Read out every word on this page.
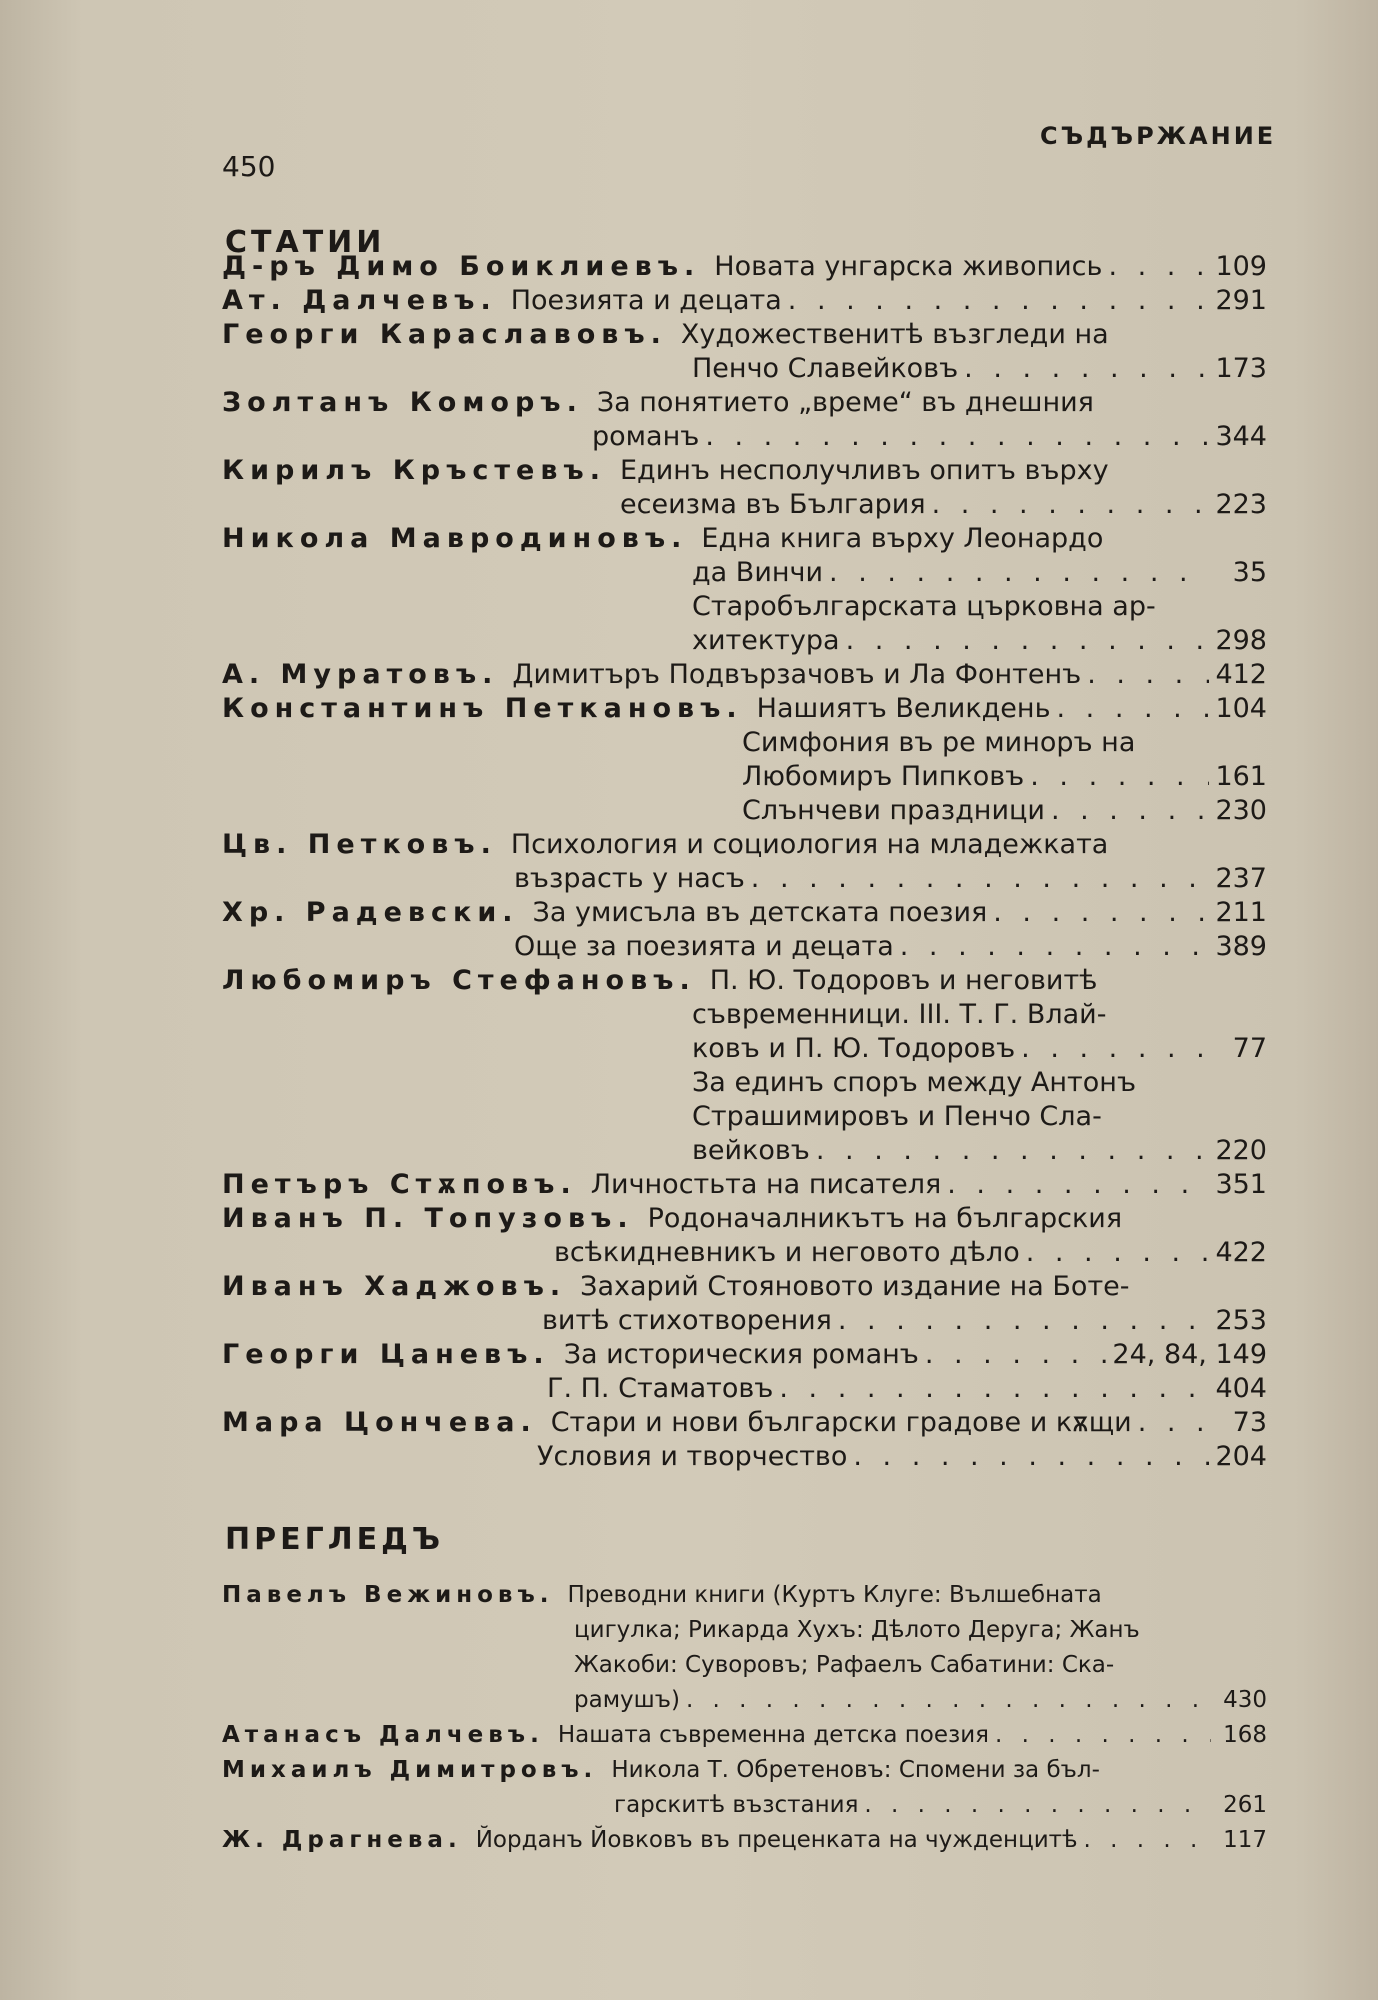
СЪДЪРЖАНИЕ
450
СТАТИИ
Д-ръ Димо Боиклиевъ. Новата унгарска живопись . . .	109
Ат. Далчевъ. Поезията и децата . . .	291
Георги Караславовъ. Художественитѣ възгледи на
Пенчо Славейковъ . . .	173
Золтанъ Коморъ. За понятието „време“ въ днешния
романъ . . .	344
Кирилъ Кръстевъ. Единъ несполучливъ опитъ върху
есеизма въ България . . .	223
Никола Мавродиновъ. Една книга върху Леонардо
да Винчи . . .	35
Старобългарската църковна ар-
хитектура . . .	298
А. Муратовъ. Димитъръ Подвързачовъ и Ла Фонтенъ . . .	412
Константинъ Петкановъ. Нашиятъ Великдень . . .	104
Симфония въ ре миноръ на
Любомиръ Пипковъ . . .	161
Слънчеви праздници . . .	230
Цв. Петковъ. Психология и социология на младежката
възрасть у насъ . . .	237
Хр. Радевски. За умисъла въ детската поезия . . .	211
Още за поезията и децата . . .	389
Любомиръ Стефановъ. П. Ю. Тодоровъ и неговитѣ
съвременници. III. Т. Г. Влай-
ковъ и П. Ю. Тодоровъ . . .	77
За единъ споръ между Антонъ
Страшимировъ и Пенчо Сла-
вейковъ . . .	220
Петъръ Стѫповъ. Личностьта на писателя . . .	351
Иванъ П. Топузовъ. Родоначалникътъ на българския
всѣкидневникъ и неговото дѣло . . .	422
Иванъ Хаджовъ. Захарий Стояновото издание на Боте-
витѣ стихотворения . . .	253
Георги Цаневъ. За историческия романъ . . .	24, 84, 149
Г. П. Стаматовъ . . .	404
Мара Цончева. Стари и нови български градове и кѫщи . . .	73
Условия и творчество . . .	204
ПРЕГЛЕДЪ
Павелъ Вежиновъ. Преводни книги (Куртъ Клуге: Вълшебната
цигулка; Рикарда Хухъ: Дѣлото Деруга; Жанъ
Жакоби: Суворовъ; Рафаелъ Сабатини: Ска-
рамушъ) . . .	430
Атанасъ Далчевъ. Нашата съвременна детска поезия . . .	168
Михаилъ Димитровъ. Никола Т. Обретеновъ: Спомени за бъл-
гарскитѣ възстания . . .	261
Ж. Драгнева. Йорданъ Йовковъ въ преценката на чужденцитѣ . . .	117
